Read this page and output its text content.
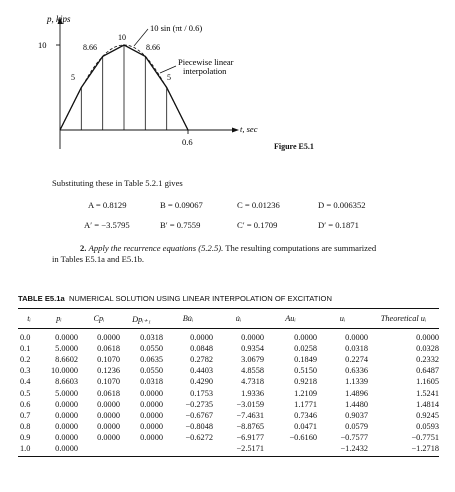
p, kips
10
t, sec
0.6
10 sin (πt / 0.6)
Piecewise linear
interpolation
5
8.66
10
8.66
5
Figure E5.1
Substituting these in Table 5.2.1 gives
A = 0.8129	B = 0.09067	C = 0.01236	D = 0.006352
A′ = −3.5795	B′ = 0.7559	C′ = 0.1709	D′ = 0.1871
2. Apply the recurrence equations (5.2.5). The resulting computations are summarized
in Tables E5.1a and E5.1b.
TABLE E5.1a NUMERICAL SOLUTION USING LINEAR INTERPOLATION OF EXCITATION
tᵢ	pᵢ	Cpᵢ	Dpᵢ₊₁	Bu̇ᵢ	u̇ᵢ	Auᵢ	uᵢ	Theoretical uᵢ
0.0	0.0000	0.0000	0.0318	0.0000	0.0000	0.0000	0.0000	0.0000
0.1	5.0000	0.0618	0.0550	0.0848	0.9354	0.0258	0.0318	0.0328
0.2	8.6602	0.1070	0.0635	0.2782	3.0679	0.1849	0.2274	0.2332
0.3	10.0000	0.1236	0.0550	0.4403	4.8558	0.5150	0.6336	0.6487
0.4	8.6603	0.1070	0.0318	0.4290	4.7318	0.9218	1.1339	1.1605
0.5	5.0000	0.0618	0.0000	0.1753	1.9336	1.2109	1.4896	1.5241
0.6	0.0000	0.0000	0.0000	−0.2735	−3.0159	1.1771	1.4480	1.4814
0.7	0.0000	0.0000	0.0000	−0.6767	−7.4631	0.7346	0.9037	0.9245
0.8	0.0000	0.0000	0.0000	−0.8048	−8.8765	0.0471	0.0579	0.0593
0.9	0.0000	0.0000	0.0000	−0.6272	−6.9177	−0.6160	−0.7577	−0.7751
1.0	0.0000				−2.5171		−1.2432	−1.2718
